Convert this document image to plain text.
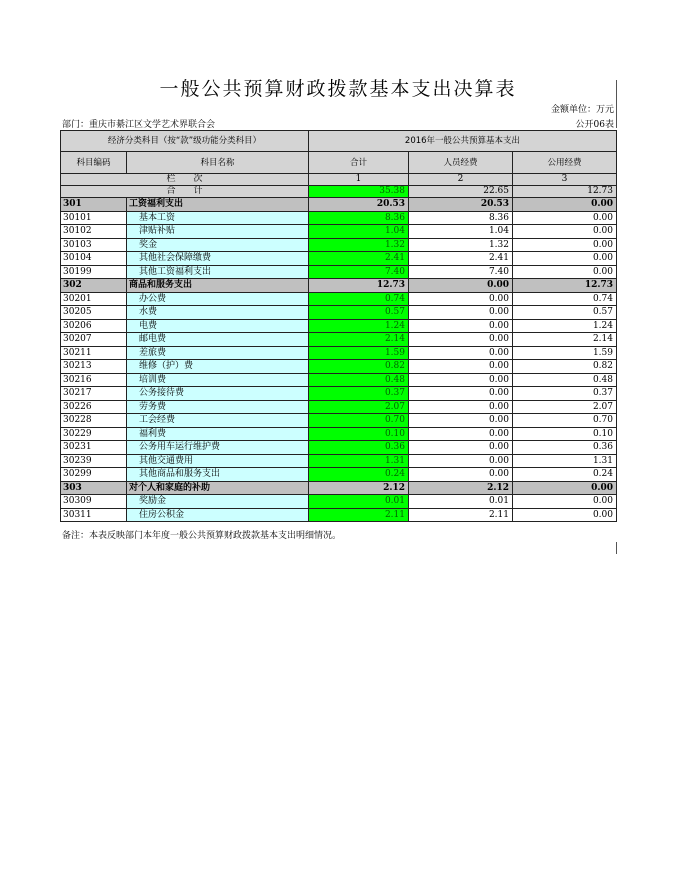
一般公共预算财政拨款基本支出决算表
金额单位：万元
部门：重庆市綦江区文学艺术界联合会	公开06表
经济分类科目（按“款”级功能分类科目）		2016年一般公共预算基本支出		
科目编码	科目名称	合计	人员经费	公用经费
栏　　次		1	2	3
合　　计		35.38	22.65	12.73
301	工资福利支出	20.53	20.53	0.00
30101	基本工资	8.36	8.36	0.00
30102	津贴补贴	1.04	1.04	0.00
30103	奖金	1.32	1.32	0.00
30104	其他社会保障缴费	2.41	2.41	0.00
30199	其他工资福利支出	7.40	7.40	0.00
302	商品和服务支出	12.73	0.00	12.73
30201	办公费	0.74	0.00	0.74
30205	水费	0.57	0.00	0.57
30206	电费	1.24	0.00	1.24
30207	邮电费	2.14	0.00	2.14
30211	差旅费	1.59	0.00	1.59
30213	维修（护）费	0.82	0.00	0.82
30216	培训费	0.48	0.00	0.48
30217	公务接待费	0.37	0.00	0.37
30226	劳务费	2.07	0.00	2.07
30228	工会经费	0.70	0.00	0.70
30229	福利费	0.10	0.00	0.10
30231	公务用车运行维护费	0.36	0.00	0.36
30239	其他交通费用	1.31	0.00	1.31
30299	其他商品和服务支出	0.24	0.00	0.24
303	对个人和家庭的补助	2.12	2.12	0.00
30309	奖励金	0.01	0.01	0.00
30311	住房公积金	2.11	2.11	0.00
备注：本表反映部门本年度一般公共预算财政拨款基本支出明细情况。
